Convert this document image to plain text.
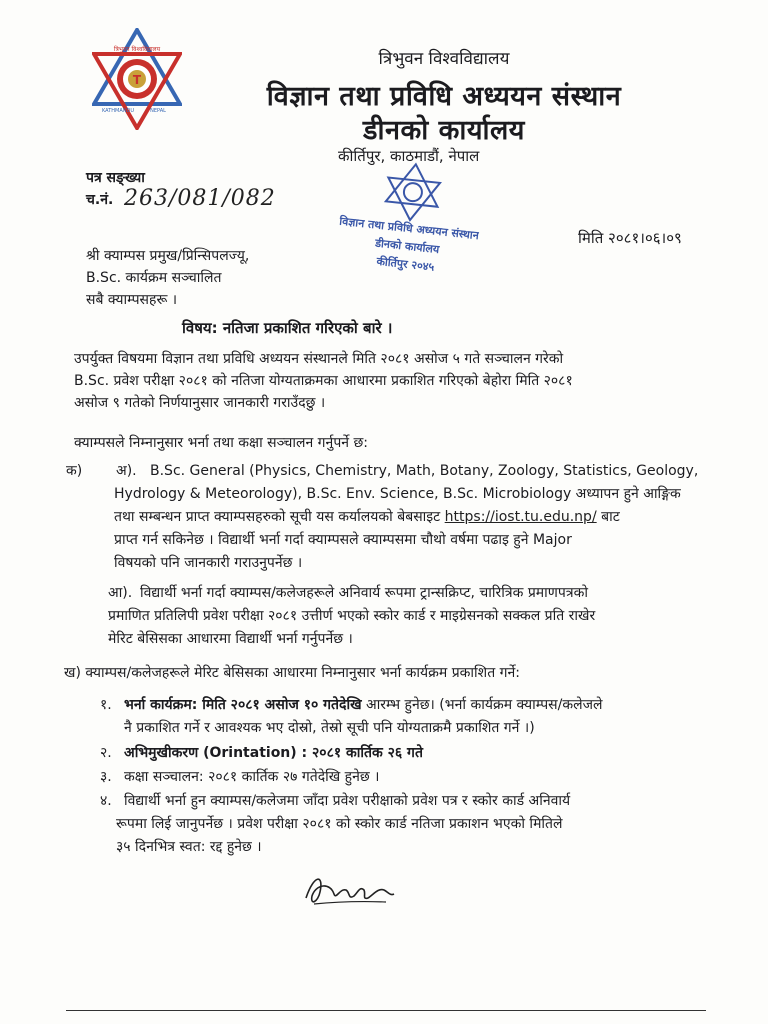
T
त्रिभुवन विश्वविद्यालय
KATHMANDU	NEPAL
त्रिभुवन विश्वविद्यालय
विज्ञान तथा प्रविधि अध्ययन संस्थान
डीनको कार्यालय
कीर्तिपुर, काठमाडौं, नेपाल
विज्ञान तथा प्रविधि अध्ययन संस्थान
डीनको कार्यालय
कीर्तिपुर २०४५
पत्र सङ्ख्या
च.नं. 263/081/082
मिति २०८१।०६।०९
श्री क्याम्पस प्रमुख/प्रिन्सिपलज्यू,
B.Sc. कार्यक्रम सञ्चालित
सबै क्याम्पसहरू ।
विषय: नतिजा प्रकाशित गरिएको बारे ।
उपर्युक्त विषयमा विज्ञान तथा प्रविधि अध्ययन संस्थानले मिति २०८१ असोज ५ गते सञ्चालन गरेको
B.Sc. प्रवेश परीक्षा २०८१ को नतिजा योग्यताक्रमका आधारमा प्रकाशित गरिएको बेहोरा मिति २०८१
असोज ९ गतेको निर्णयानुसार जानकारी गराउँदछु ।
क्याम्पसले निम्नानुसार भर्ना तथा कक्षा सञ्चालन गर्नुपर्ने छ:
क) अ). B.Sc. General (Physics, Chemistry, Math, Botany, Zoology, Statistics, Geology,
Hydrology & Meteorology), B.Sc. Env. Science, B.Sc. Microbiology अध्यापन हुने आङ्गिक
तथा सम्बन्धन प्राप्त क्याम्पसहरुको सूची यस कर्यालयको बेबसाइट https://iost.tu.edu.np/ बाट
प्राप्त गर्न सकिनेछ । विद्यार्थी भर्ना गर्दा क्याम्पसले क्याम्पसमा चौथो वर्षमा पढाइ हुने Major
विषयको पनि जानकारी गराउनुपर्नेछ ।
आ). विद्यार्थी भर्ना गर्दा क्याम्पस/कलेजहरूले अनिवार्य रूपमा ट्रान्सक्रिप्ट, चारित्रिक प्रमाणपत्रको
प्रमाणित प्रतिलिपी प्रवेश परीक्षा २०८१ उत्तीर्ण भएको स्कोर कार्ड र माइग्रेसनको सक्कल प्रति राखेर
मेरिट बेसिसका आधारमा विद्यार्थी भर्ना गर्नुपर्नेछ ।
ख) क्याम्पस/कलेजहरूले मेरिट बेसिसका आधारमा निम्नानुसार भर्ना कार्यक्रम प्रकाशित गर्ने:
१. भर्ना कार्यक्रम: मिति २०८१ असोज १० गतेदेखि आरम्भ हुनेछ। (भर्ना कार्यक्रम क्याम्पस/कलेजले
नै प्रकाशित गर्ने र आवश्यक भए दोस्रो, तेस्रो सूची पनि योग्यताक्रमै प्रकाशित गर्ने ।)
२. अभिमुखीकरण (Orintation) : २०८१ कार्तिक २६ गते
३. कक्षा सञ्चालन: २०८१ कार्तिक २७ गतेदेखि हुनेछ ।
४. विद्यार्थी भर्ना हुन क्याम्पस/कलेजमा जाँदा प्रवेश परीक्षाको प्रवेश पत्र र स्कोर कार्ड अनिवार्य
रूपमा लिई जानुपर्नेछ । प्रवेश परीक्षा २०८१ को स्कोर कार्ड नतिजा प्रकाशन भएको मितिले
३५ दिनभित्र स्वत: रद्द हुनेछ ।
